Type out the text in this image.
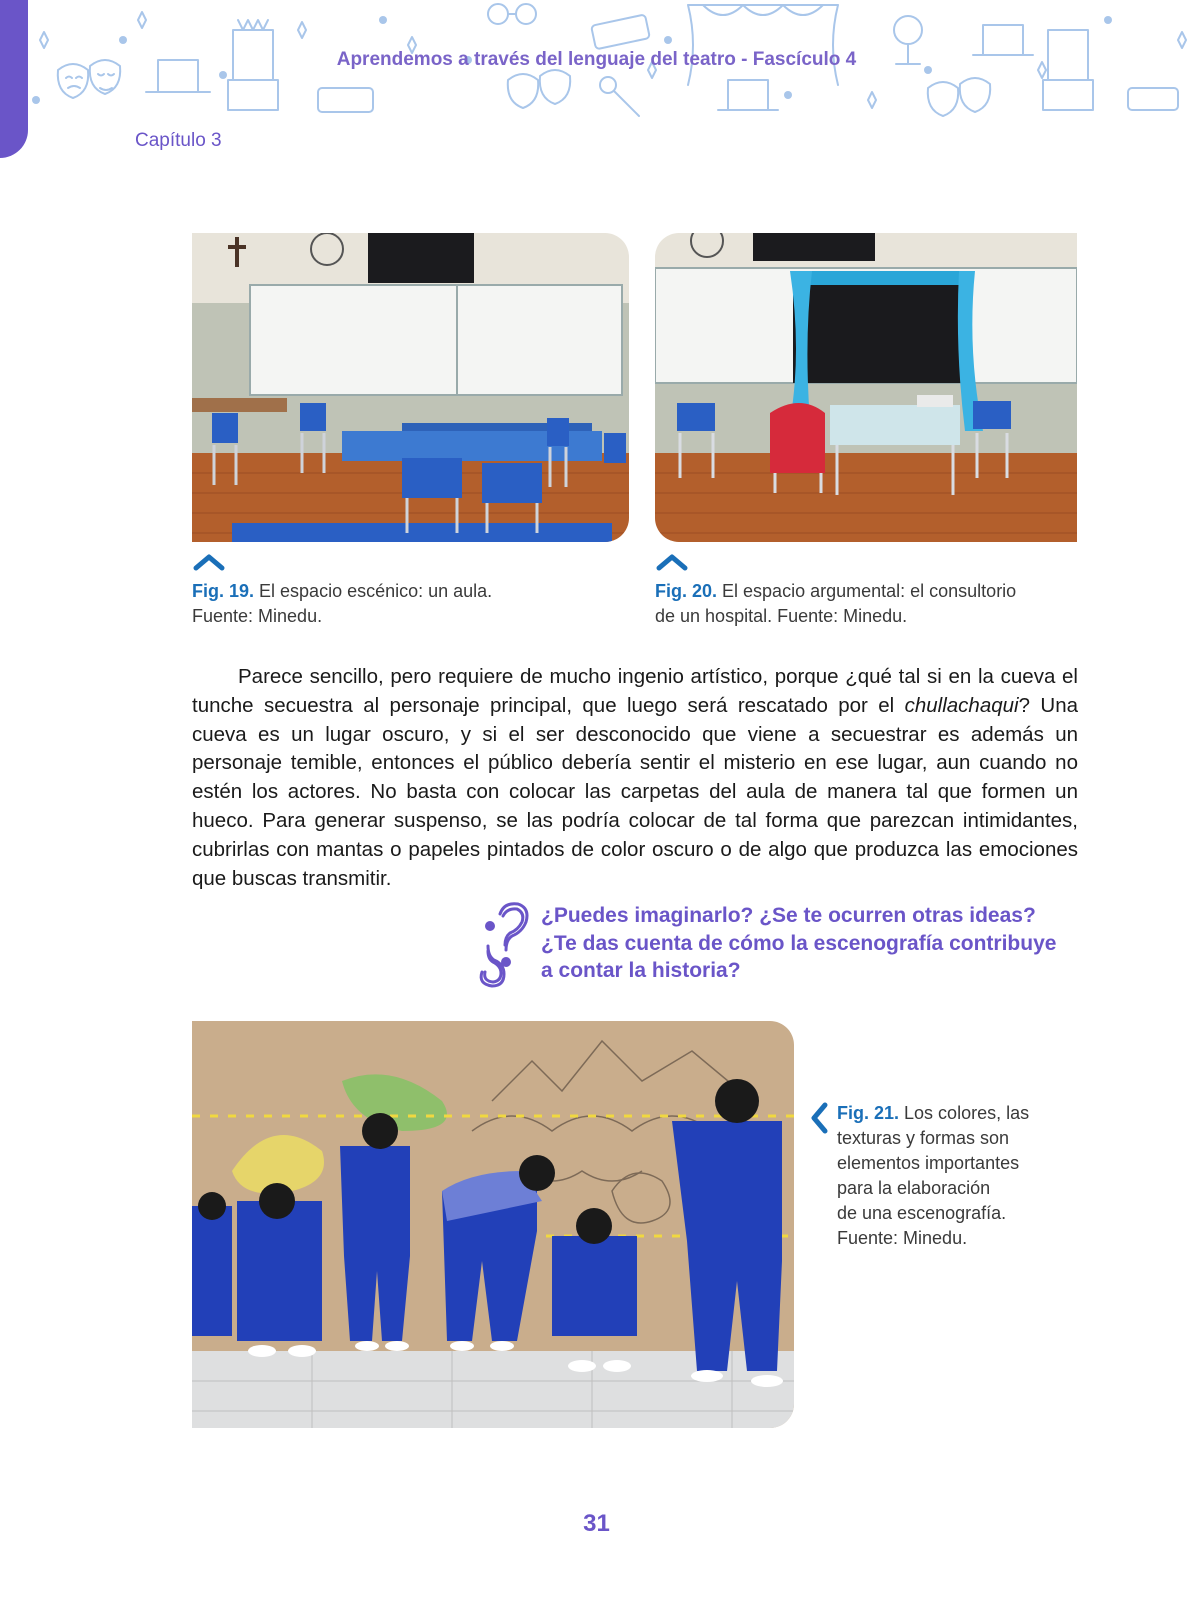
Aprendemos a través del lenguaje del teatro - Fascículo 4
Capítulo 3
Fig. 19. El espacio escénico: un aula.
Fuente: Minedu.
Fig. 20. El espacio argumental: el consultorio
de un hospital. Fuente: Minedu.
Parece sencillo, pero requiere de mucho ingenio artístico, porque ¿qué tal si en la cueva el tunche secuestra al personaje principal, que luego será rescatado por el chullachaqui? Una cueva es un lugar oscuro, y si el ser desconocido que viene a secuestrar es además un personaje temible, entonces el público debería sentir el misterio en ese lugar, aun cuando no estén los actores. No basta con colocar las carpetas del aula de manera tal que formen un hueco. Para generar suspenso, se las podría colocar de tal forma que parezcan intimidantes, cubrirlas con mantas o papeles pintados de color oscuro o de algo que produzca las emociones que buscas transmitir.
¿Puedes imaginarlo? ¿Se te ocurren otras ideas?
¿Te das cuenta de cómo la escenografía contribuye
a contar la historia?
Fig. 21. Los colores, las
texturas y formas son
elementos importantes
para la elaboración
de una escenografía.
Fuente: Minedu.
31
